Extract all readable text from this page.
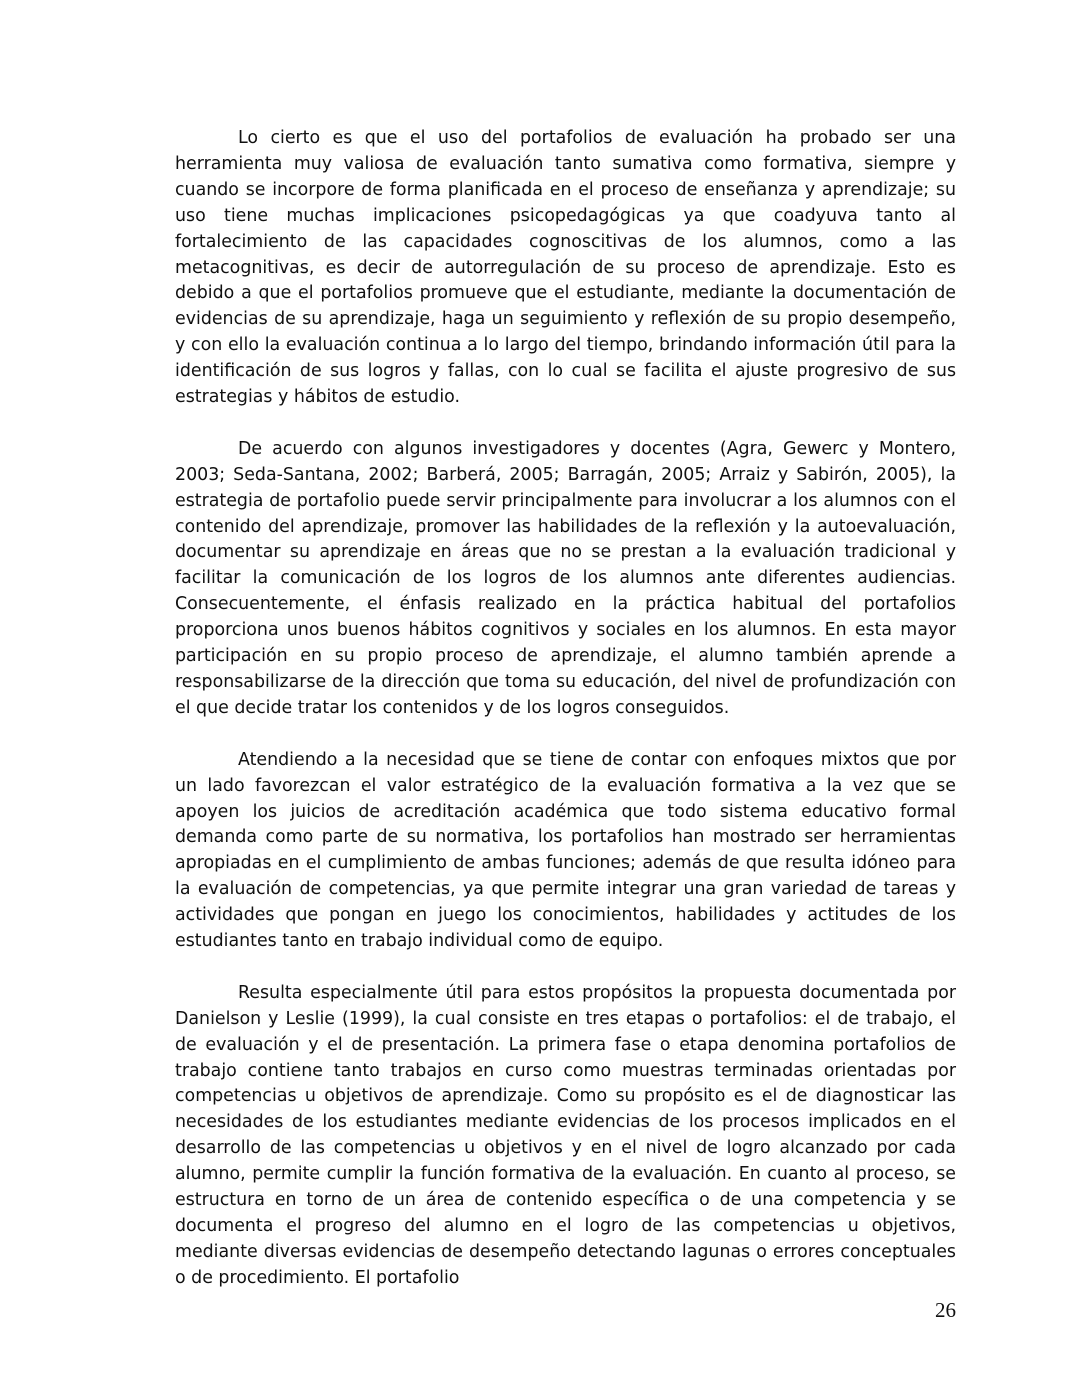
Lo cierto es que el uso del portafolios de evaluación ha probado ser una herramienta muy valiosa de evaluación tanto sumativa como formativa, siempre y cuando se incorpore de forma planificada en el proceso de enseñanza y aprendizaje; su uso tiene muchas implicaciones psicopedagógicas ya que coadyuva tanto al fortalecimiento de las capacidades cognoscitivas de los alumnos, como a las metacognitivas, es decir de autorregulación de su proceso de aprendizaje. Esto es debido a que el portafolios promueve que el estudiante, mediante la documentación de evidencias de su aprendizaje, haga un seguimiento y reflexión de su propio desempeño, y con ello la evaluación continua a lo largo del tiempo, brindando información útil para la identificación de sus logros y fallas, con lo cual se facilita el ajuste progresivo de sus estrategias y hábitos de estudio.

De acuerdo con algunos investigadores y docentes (Agra, Gewerc y Montero, 2003; Seda-Santana, 2002; Barberá, 2005; Barragán, 2005; Arraiz y Sabirón, 2005), la estrategia de portafolio puede servir principalmente para involucrar a los alumnos con el contenido del aprendizaje, promover las habilidades de la reflexión y la autoevaluación, documentar su aprendizaje en áreas que no se prestan a la evaluación tradicional y facilitar la comunicación de los logros de los alumnos ante diferentes audiencias. Consecuentemente, el énfasis realizado en la práctica habitual del portafolios proporciona unos buenos hábitos cognitivos y sociales en los alumnos. En esta mayor participación en su propio proceso de aprendizaje, el alumno también aprende a responsabilizarse de la dirección que toma su educación, del nivel de profundización con el que decide tratar los contenidos y de los logros conseguidos.

Atendiendo a la necesidad que se tiene de contar con enfoques mixtos que por un lado favorezcan el valor estratégico de la evaluación formativa a la vez que se apoyen los juicios de acreditación académica que todo sistema educativo formal demanda como parte de su normativa, los portafolios han mostrado ser herramientas apropiadas en el cumplimiento de ambas funciones; además de que resulta idóneo para la evaluación de competencias, ya que permite integrar una gran variedad de tareas y actividades que pongan en juego los conocimientos, habilidades y actitudes de los estudiantes tanto en trabajo individual como de equipo.

Resulta especialmente útil para estos propósitos la propuesta documentada por Danielson y Leslie (1999), la cual consiste en tres etapas o portafolios: el de trabajo, el de evaluación y el de presentación. La primera fase o etapa denomina portafolios de trabajo contiene tanto trabajos en curso como muestras terminadas orientadas por competencias u objetivos de aprendizaje. Como su propósito es el de diagnosticar las necesidades de los estudiantes mediante evidencias de los procesos implicados en el desarrollo de las competencias u objetivos y en el nivel de logro alcanzado por cada alumno, permite cumplir la función formativa de la evaluación. En cuanto al proceso, se estructura en torno de un área de contenido específica o de una competencia y se documenta el progreso del alumno en el logro de las competencias u objetivos, mediante diversas evidencias de desempeño detectando lagunas o errores conceptuales o de procedimiento. El portafolio

26
